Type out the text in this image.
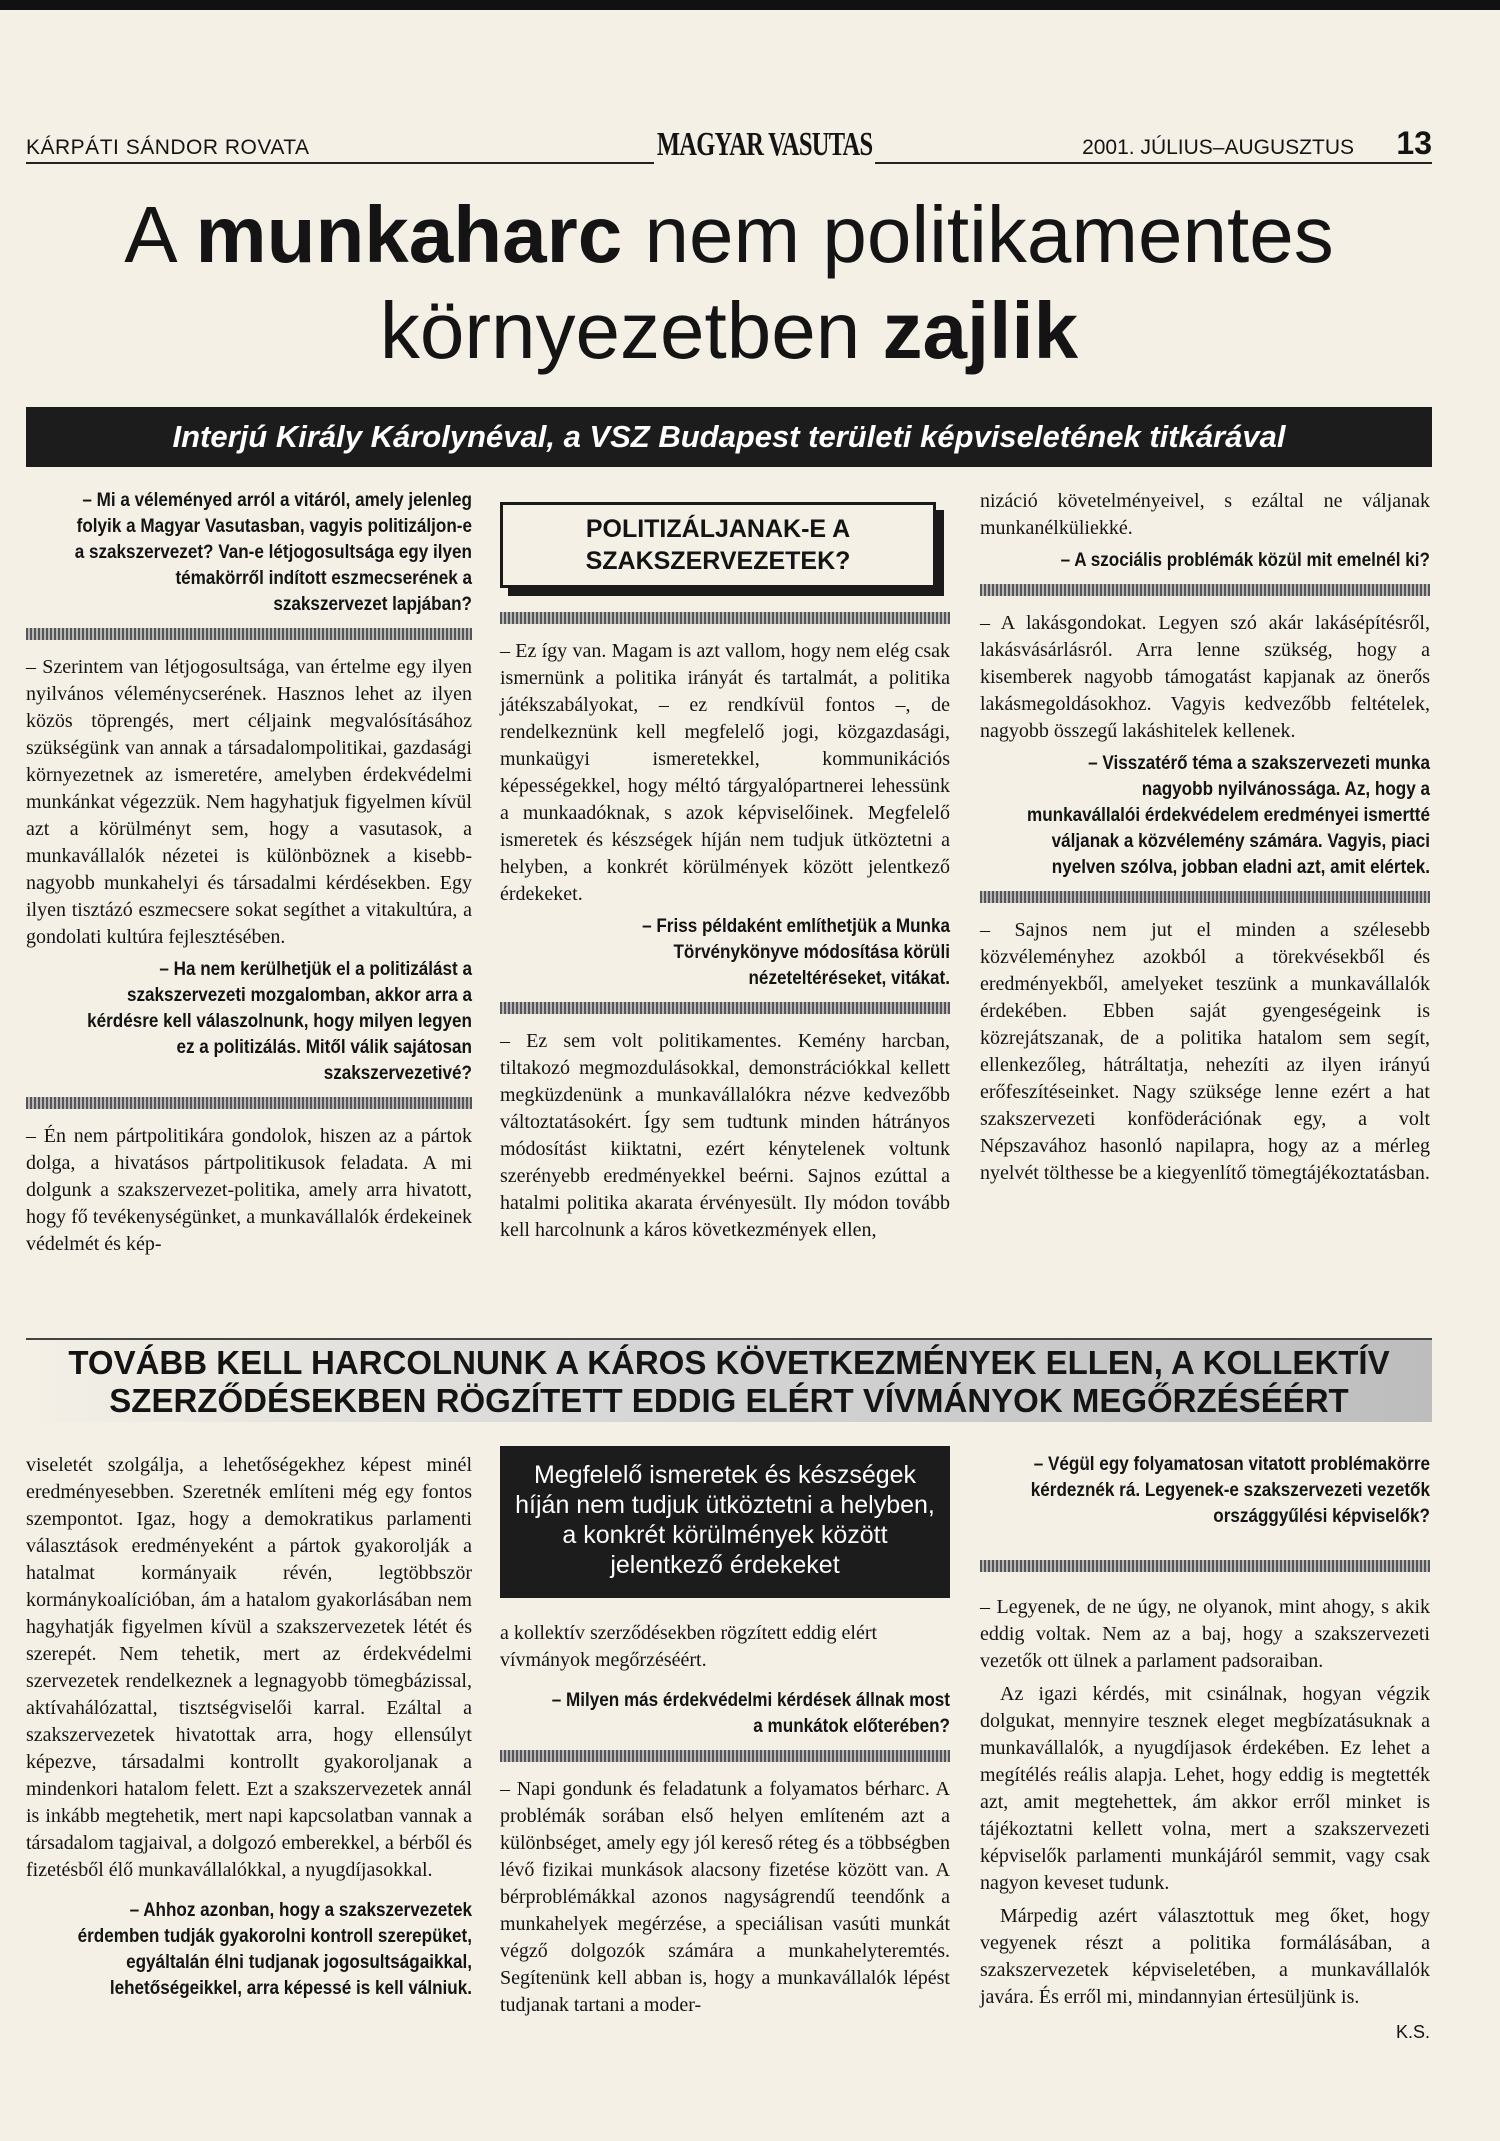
KÁRPÁTI SÁNDOR ROVATA	MAGYAR VASUTAS	2001. JÚLIUS–AUGUSZTUS 13
A munkaharc nem politikamentes
környezetben zajlik
Interjú Király Károlynéval, a VSZ Budapest területi képviseletének titkárával

– Mi a véleményed arról a vitáról, amely jelenleg folyik a Magyar Vasutasban, vagyis politizáljon-e a szakszervezet? Van-e létjogosultsága egy ilyen témakörről indított eszmecserének a szakszervezet lapjában?

– Szerintem van létjogosultsága, van értelme egy ilyen nyilvános véleménycserének. Hasznos lehet az ilyen közös töprengés, mert céljaink megvalósításához szükségünk van annak a társadalompolitikai, gazdasági környezetnek az ismeretére, amelyben érdekvédelmi munkánkat végezzük. Nem hagyhatjuk figyelmen kívül azt a körülményt sem, hogy a vasutasok, a munkavállalók nézetei is különböznek a kisebb-nagyobb munkahelyi és társadalmi kérdésekben. Egy ilyen tisztázó eszmecsere sokat segíthet a vitakultúra, a gondolati kultúra fejlesztésében.

– Ha nem kerülhetjük el a politizálást a szakszervezeti mozgalomban, akkor arra a kérdésre kell válaszolnunk, hogy milyen legyen ez a politizálás. Mitől válik sajátosan szakszervezetivé?

– Én nem pártpolitikára gondolok, hiszen az a pártok dolga, a hivatásos pártpolitikusok feladata. A mi dolgunk a szakszervezet-politika, amely arra hivatott, hogy fő tevékenységünket, a munkavállalók érdekeinek védelmét és kép-

POLITIZÁLJANAK-E A SZAKSZERVEZETEK?

– Ez így van. Magam is azt vallom, hogy nem elég csak ismernünk a politika irányát és tartalmát, a politika játékszabályokat, – ez rendkívül fontos –, de rendelkeznünk kell megfelelő jogi, közgazdasági, munkaügyi ismeretekkel, kommunikációs képességekkel, hogy méltó tárgyalópartnerei lehessünk a munkaadóknak, s azok képviselőinek. Megfelelő ismeretek és készségek híján nem tudjuk ütköztetni a helyben, a konkrét körülmények között jelentkező érdekeket.

– Friss példaként említhetjük a Munka Törvénykönyve módosítása körüli nézeteltéréseket, vitákat.

– Ez sem volt politikamentes. Kemény harcban, tiltakozó megmozdulásokkal, demonstrációkkal kellett megküzdenünk a munkavállalókra nézve kedvezőbb változtatásokért. Így sem tudtunk minden hátrányos módosítást kiiktatni, ezért kénytelenek voltunk szerényebb eredményekkel beérni. Sajnos ezúttal a hatalmi politika akarata érvényesült. Ily módon tovább kell harcolnunk a káros következmények ellen,

nizáció követelményeivel, s ezáltal ne váljanak munkanélküliekké.

– A szociális problémák közül mit emelnél ki?

– A lakásgondokat. Legyen szó akár lakásépítésről, lakásvásárlásról. Arra lenne szükség, hogy a kisemberek nagyobb támogatást kapjanak az önerős lakásmegoldásokhoz. Vagyis kedvezőbb feltételek, nagyobb összegű lakáshitelek kellenek.

– Visszatérő téma a szakszervezeti munka nagyobb nyilvánossága. Az, hogy a munkavállalói érdekvédelem eredményei ismertté váljanak a közvélemény számára. Vagyis, piaci nyelven szólva, jobban eladni azt, amit elértek.

– Sajnos nem jut el minden a szélesebb közvéleményhez azokból a törekvésekből és eredményekből, amelyeket teszünk a munkavállalók érdekében. Ebben saját gyengeségeink is közrejátszanak, de a politika hatalom sem segít, ellenkezőleg, hátráltatja, nehezíti az ilyen irányú erőfeszítéseinket. Nagy szüksége lenne ezért a hat szakszervezeti konföderációnak egy, a volt Népszavához hasonló napilapra, hogy az a mérleg nyelvét tölthesse be a kiegyenlítő tömegtájékoztatásban.

TOVÁBB KELL HARCOLNUNK A KÁROS KÖVETKEZMÉNYEK ELLEN, A KOLLEKTÍV
SZERZŐDÉSEKBEN RÖGZÍTETT EDDIG ELÉRT VÍVMÁNYOK MEGŐRZÉSÉÉRT

viseletét szolgálja, a lehetőségekhez képest minél eredményesebben. Szeretnék említeni még egy fontos szempontot. Igaz, hogy a demokratikus parlamenti választások eredményeként a pártok gyakorolják a hatalmat kormányaik révén, legtöbbször kormánykoalícióban, ám a hatalom gyakorlásában nem hagyhatják figyelmen kívül a szakszervezetek létét és szerepét. Nem tehetik, mert az érdekvédelmi szervezetek rendelkeznek a legnagyobb tömegbázissal, aktívahálózattal, tisztségviselői karral. Ezáltal a szakszervezetek hivatottak arra, hogy ellensúlyt képezve, társadalmi kontrollt gyakoroljanak a mindenkori hatalom felett. Ezt a szakszervezetek annál is inkább megtehetik, mert napi kapcsolatban vannak a társadalom tagjaival, a dolgozó emberekkel, a bérből és fizetésből élő munkavállalókkal, a nyugdíjasokkal.

– Ahhoz azonban, hogy a szakszervezetek érdemben tudják gyakorolni kontroll szerepüket, egyáltalán élni tudjanak jogosultságaikkal, lehetőségeikkel, arra képessé is kell válniuk.

Megfelelő ismeretek és készségek híján nem tudjuk ütköztetni a helyben, a konkrét körülmények között jelentkező érdekeket

a kollektív szerződésekben rögzített eddig elért vívmányok megőrzéséért.

– Milyen más érdekvédelmi kérdések állnak most a munkátok előterében?

– Napi gondunk és feladatunk a folyamatos bérharc. A problémák sorában első helyen említeném azt a különbséget, amely egy jól kereső réteg és a többségben lévő fizikai munkások alacsony fizetése között van. A bérproblémákkal azonos nagyságrendű teendőnk a munkahelyek megérzése, a speciálisan vasúti munkát végző dolgozók számára a munkahelyteremtés. Segítenünk kell abban is, hogy a munkavállalók lépést tudjanak tartani a moder-

– Végül egy folyamatosan vitatott problémakörre kérdeznék rá. Legyenek-e szakszervezeti vezetők országgyűlési képviselők?

– Legyenek, de ne úgy, ne olyanok, mint ahogy, s akik eddig voltak. Nem az a baj, hogy a szakszervezeti vezetők ott ülnek a parlament padsoraiban.

Az igazi kérdés, mit csinálnak, hogyan végzik dolgukat, mennyire tesznek eleget megbízatásuknak a munkavállalók, a nyugdíjasok érdekében. Ez lehet a megítélés reális alapja. Lehet, hogy eddig is megtették azt, amit megtehettek, ám akkor erről minket is tájékoztatni kellett volna, mert a szakszervezeti képviselők parlamenti munkájáról semmit, vagy csak nagyon keveset tudunk.

Márpedig azért választottuk meg őket, hogy vegyenek részt a politika formálásában, a szakszervezetek képviseletében, a munkavállalók javára. És erről mi, mindannyian értesüljünk is.

K.S.
